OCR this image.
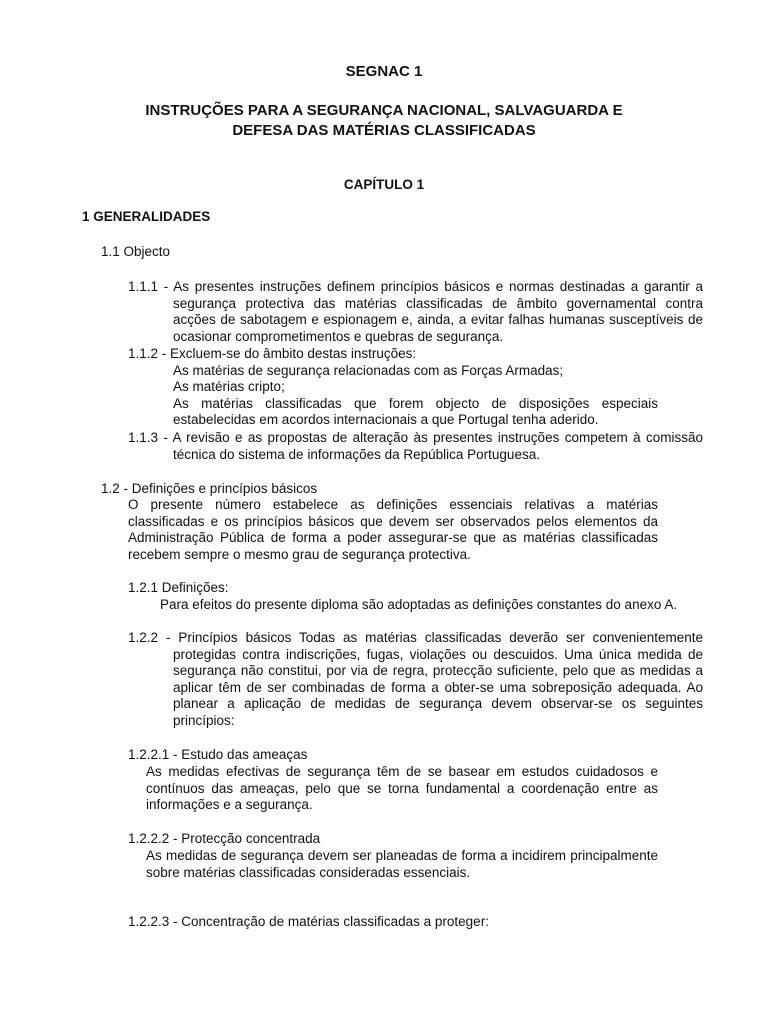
SEGNAC 1
INSTRUÇÕES PARA A SEGURANÇA NACIONAL, SALVAGUARDA E
DEFESA DAS MATÉRIAS CLASSIFICADAS
CAPÍTULO 1
1 GENERALIDADES
1.1 Objecto

1.1.1 - As presentes instruções definem princípios básicos e normas destinadas a garantir a segurança protectiva das matérias classificadas de âmbito governamental contra acções de sabotagem e espionagem e, ainda, a evitar falhas humanas susceptíveis de ocasionar comprometimentos e quebras de segurança.

1.1.2 - Excluem-se do âmbito destas instruções:
As matérias de segurança relacionadas com as Forças Armadas;
As matérias cripto;
As matérias classificadas que forem objecto de disposições especiais estabelecidas em acordos internacionais a que Portugal tenha aderido.

1.1.3 - A revisão e as propostas de alteração às presentes instruções competem à comissão técnica do sistema de informações da República Portuguesa.

1.2 - Definições e princípios básicos

O presente número estabelece as definições essenciais relativas a matérias classificadas e os princípios básicos que devem ser observados pelos elementos da Administração Pública de forma a poder assegurar-se que as matérias classificadas recebem sempre o mesmo grau de segurança protectiva.

1.2.1 Definições:
Para efeitos do presente diploma são adoptadas as definições constantes do anexo A.

1.2.2 - Princípios básicos Todas as matérias classificadas deverão ser convenientemente protegidas contra indiscrições, fugas, violações ou descuidos. Uma única medida de segurança não constitui, por via de regra, protecção suficiente, pelo que as medidas a aplicar têm de ser combinadas de forma a obter-se uma sobreposição adequada. Ao planear a aplicação de medidas de segurança devem observar-se os seguintes princípios:

1.2.2.1 - Estudo das ameaças

As medidas efectivas de segurança têm de se basear em estudos cuidadosos e contínuos das ameaças, pelo que se torna fundamental a coordenação entre as informações e a segurança.

1.2.2.2 - Protecção concentrada

As medidas de segurança devem ser planeadas de forma a incidirem principalmente sobre matérias classificadas consideradas essenciais.

1.2.2.3 - Concentração de matérias classificadas a proteger:
